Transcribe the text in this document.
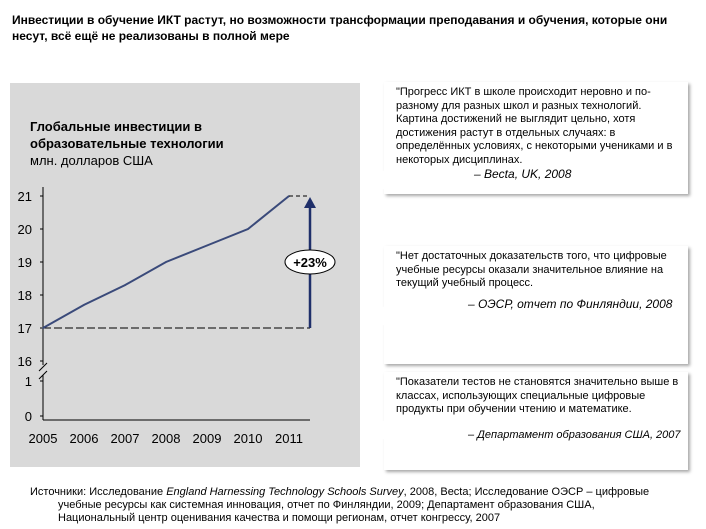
Инвестиции в обучение ИКТ растут, но возможности трансформации преподавания и обучения, которые они несут, всё ещё не реализованы в полной мере
Глобальные инвестиции в образовательные технологии
млн. долларов США
21
20
19
18
17
16
1
0
2005 2006 2007 2008 2009 2010 2011
+23%

"Прогресс ИКТ в школе происходит неровно и по-разному для разных школ и разных технологий. Картина достижений не выглядит цельно, хотя достижения растут в отдельных случаях: в определённых условиях, с некоторыми учениками и в некоторых дисциплинах.

– Becta, UK, 2008

"Нет достаточных доказательств того, что цифровые учебные ресурсы оказали значительное влияние на текущий учебный процесс.

– ОЭСР, отчет по Финляндии, 2008

"Показатели тестов не становятся значительно выше в классах, использующих специальные цифровые продукты при обучении чтению и математике.

– Департамент образования США, 2007

Источники: Исследование England Harnessing Technology Schools Survey, 2008, Becta; Исследование ОЭСР – цифровые
учебные ресурсы как системная инновация, отчет по Финляндии, 2009; Департамент образования США,
Национальный центр оценивания качества и помощи регионам, отчет конгрессу, 2007
